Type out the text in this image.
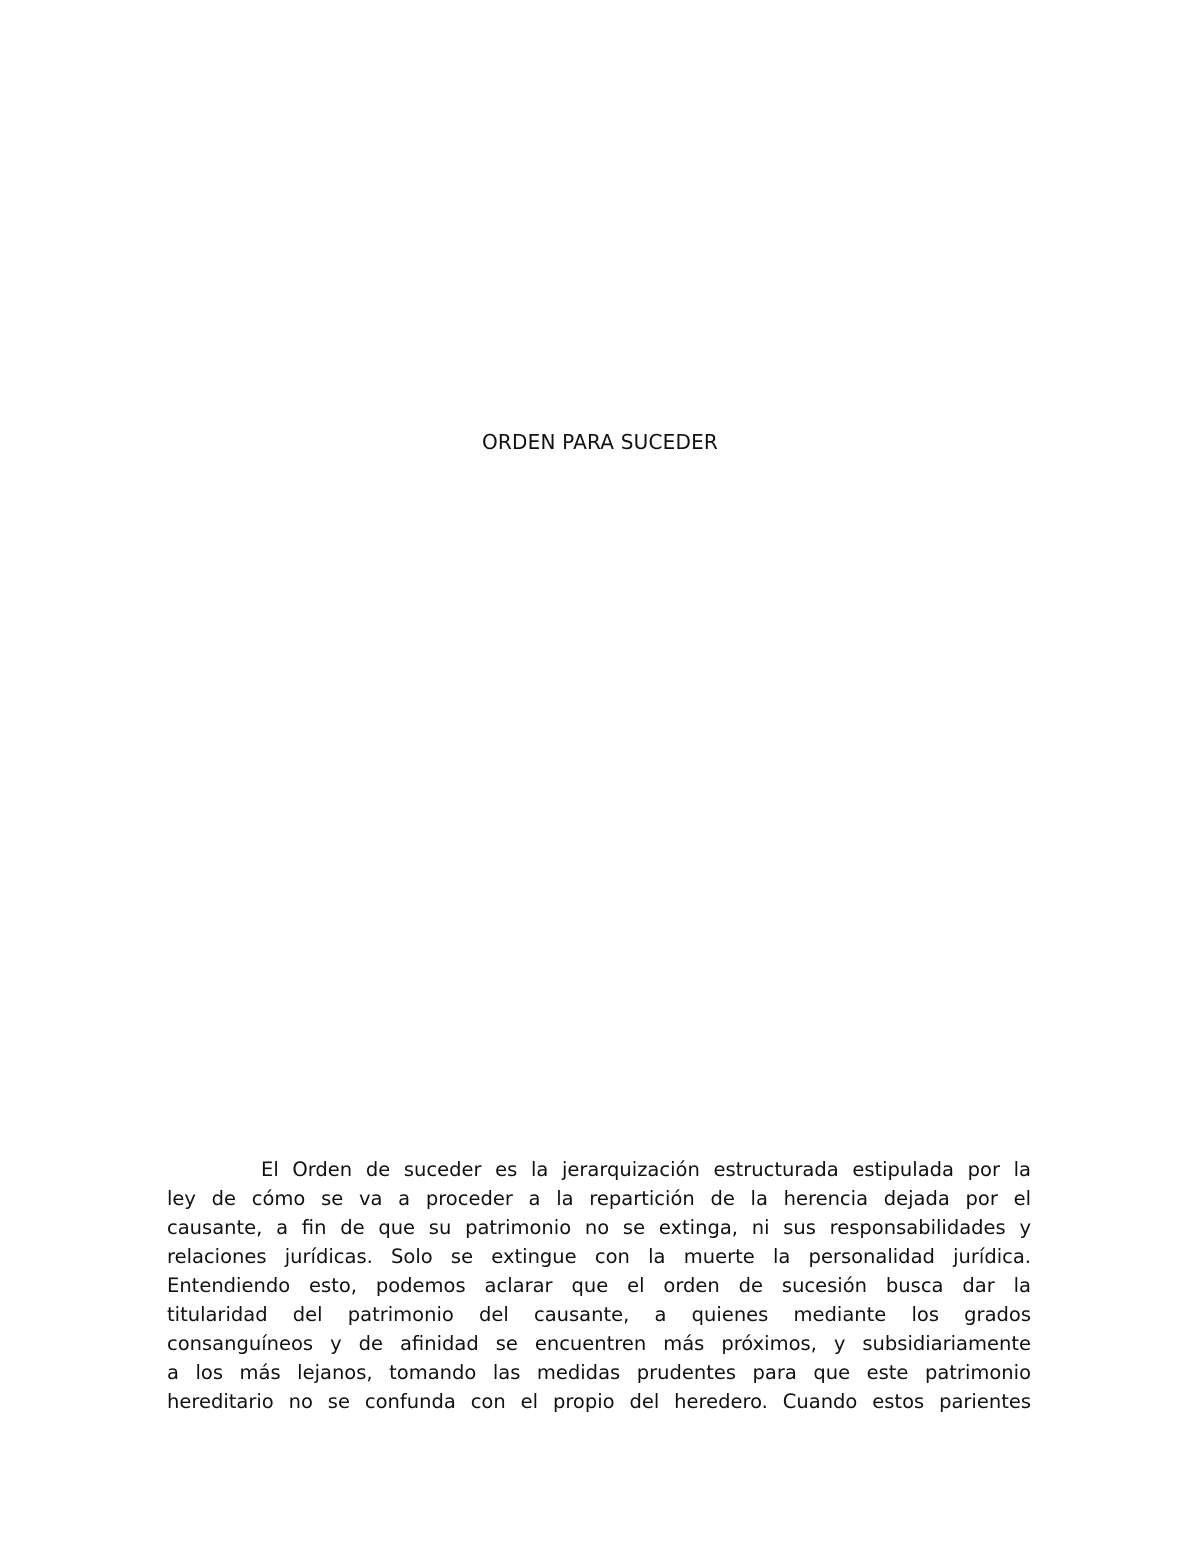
ORDEN PARA SUCEDER
El Orden de suceder es la jerarquización estructurada estipulada por la
ley de cómo se va a proceder a la repartición de la herencia dejada por el
causante, a fin de que su patrimonio no se extinga, ni sus responsabilidades y
relaciones jurídicas. Solo se extingue con la muerte la personalidad jurídica.
Entendiendo esto, podemos aclarar que el orden de sucesión busca dar la
titularidad del patrimonio del causante, a quienes mediante los grados
consanguíneos y de afinidad se encuentren más próximos, y subsidiariamente
a los más lejanos, tomando las medidas prudentes para que este patrimonio
hereditario no se confunda con el propio del heredero. Cuando estos parientes
